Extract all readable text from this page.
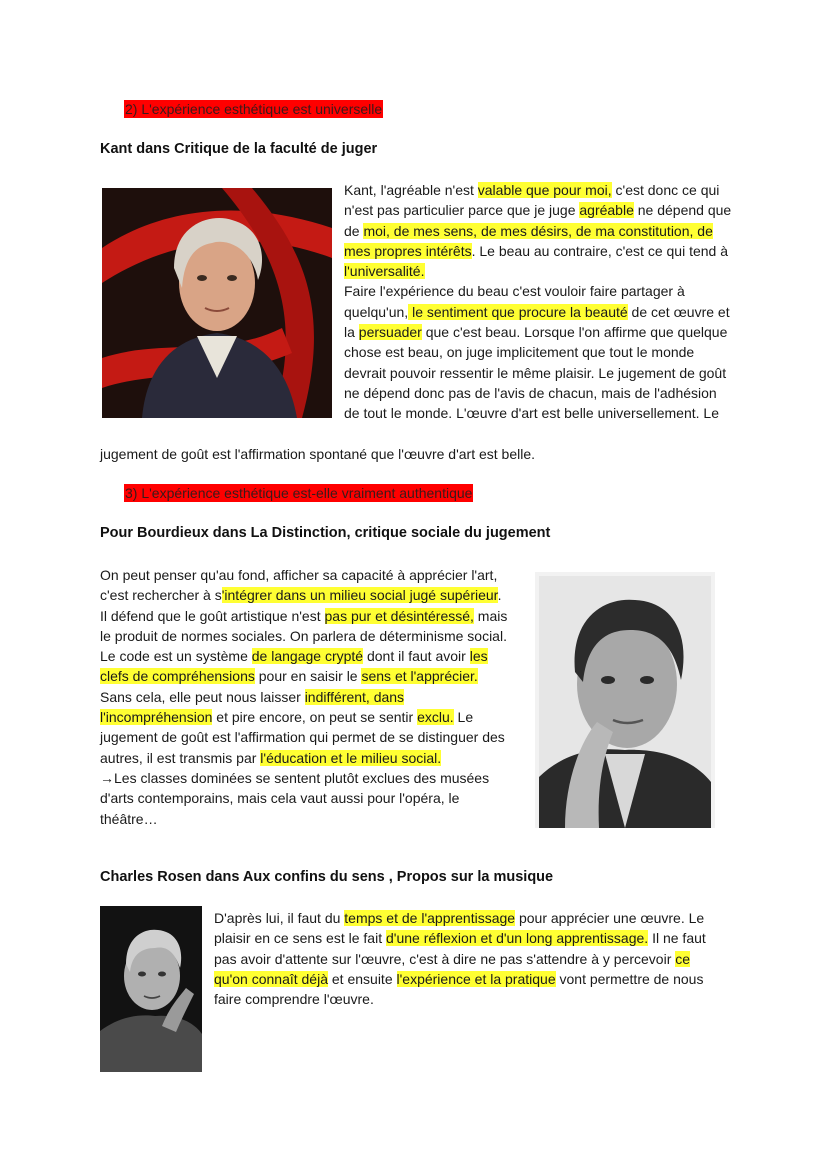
2) L'expérience esthétique est universelle
Kant dans Critique de la faculté de juger
Kant, l'agréable n'est valable que pour moi, c'est donc ce qui n'est pas particulier parce que je juge agréable ne dépend que de moi, de mes sens, de mes désirs, de ma constitution, de mes propres intérêts. Le beau au contraire, c'est ce qui tend à l'universalité.
Faire l'expérience du beau c'est vouloir faire partager à quelqu'un, le sentiment que procure la beauté de cet œuvre et la persuader que c'est beau. Lorsque l'on affirme que quelque chose est beau, on juge implicitement que tout le monde devrait pouvoir ressentir le même plaisir. Le jugement de goût ne dépend donc pas de l'avis de chacun, mais de l'adhésion de tout le monde. L'œuvre d'art est belle universellement. Le
jugement de goût est l'affirmation spontané que l'œuvre d'art est belle.
3) L'expérience esthétique est-elle vraiment authentique
Pour Bourdieux dans La Distinction, critique sociale du jugement
On peut penser qu'au fond, afficher sa capacité à apprécier l'art, c'est rechercher à s'intégrer dans un milieu social jugé supérieur. Il défend que le goût artistique n'est pas pur et désintéressé, mais le produit de normes sociales. On parlera de déterminisme social.
Le code est un système de langage crypté dont il faut avoir les clefs de compréhensions pour en saisir le sens et l'apprécier. Sans cela, elle peut nous laisser indifférent, dans l'incompréhension et pire encore, on peut se sentir exclu. Le jugement de goût est l'affirmation qui permet de se distinguer des autres, il est transmis par l'éducation et le milieu social.
→Les classes dominées se sentent plutôt exclues des musées d'arts contemporains, mais cela vaut aussi pour l'opéra, le théâtre…
Charles Rosen dans Aux confins du sens , Propos sur la musique
D'après lui, il faut du temps et de l'apprentissage pour apprécier une œuvre. Le plaisir en ce sens est le fait d'une réflexion et d'un long apprentissage. Il ne faut pas avoir d'attente sur l'œuvre, c'est à dire ne pas s'attendre à y percevoir ce qu'on connaît déjà et ensuite l'expérience et la pratique vont permettre de nous faire comprendre l'œuvre.
